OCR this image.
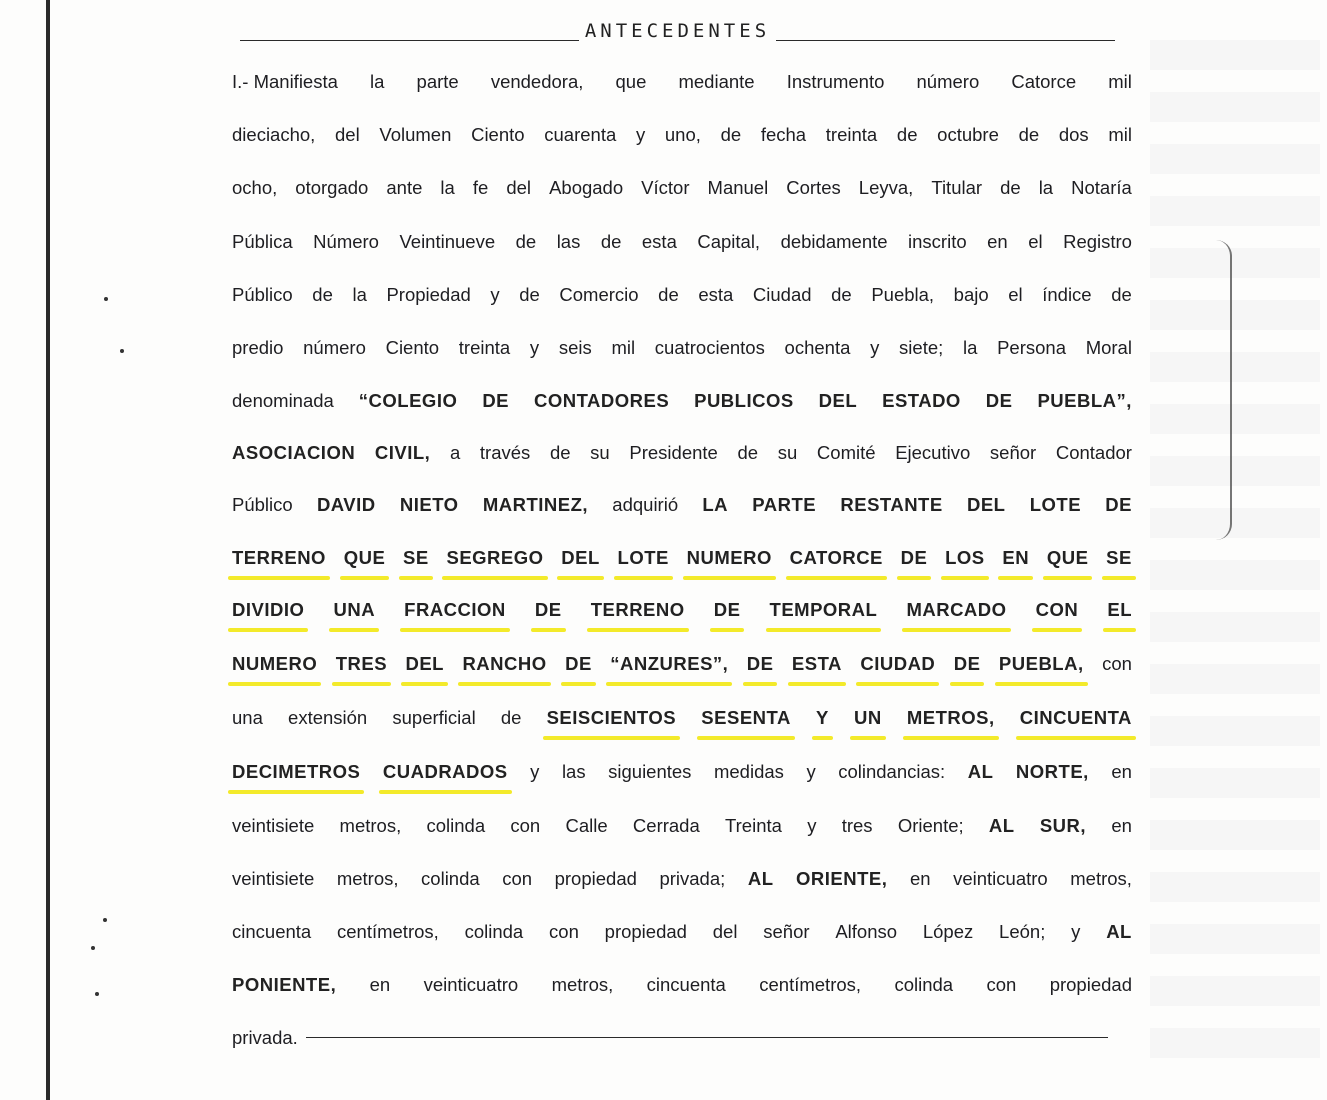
ANTECEDENTES
I.- Manifiesta la parte vendedora, que mediante Instrumento número Catorce mil
dieciacho, del Volumen Ciento cuarenta y uno, de fecha treinta de octubre de dos mil
ocho, otorgado ante la fe del Abogado Víctor Manuel Cortes Leyva, Titular de la Notaría
Pública Número Veintinueve de las de esta Capital, debidamente inscrito en el Registro
Público de la Propiedad y de Comercio de esta Ciudad de Puebla, bajo el índice de
predio número Ciento treinta y seis mil cuatrocientos ochenta y siete; la Persona Moral
denominada “COLEGIO DE CONTADORES PUBLICOS DEL ESTADO DE PUEBLA”,
ASOCIACION CIVIL, a través de su Presidente de su Comité Ejecutivo señor Contador
Público DAVID NIETO MARTINEZ, adquirió LA PARTE RESTANTE DEL LOTE DE
TERRENO QUE SE SEGREGO DEL LOTE NUMERO CATORCE DE LOS EN QUE SE
DIVIDIO UNA FRACCION DE TERRENO DE TEMPORAL MARCADO CON EL
NUMERO TRES DEL RANCHO DE “ANZURES”, DE ESTA CIUDAD DE PUEBLA, con
una extensión superficial de SEISCIENTOS SESENTA Y UN METROS, CINCUENTA
DECIMETROS CUADRADOS y las siguientes medidas y colindancias: AL NORTE, en
veintisiete metros, colinda con Calle Cerrada Treinta y tres Oriente; AL SUR, en
veintisiete metros, colinda con propiedad privada; AL ORIENTE, en veinticuatro metros,
cincuenta centímetros, colinda con propiedad del señor Alfonso López León; y AL
PONIENTE, en veinticuatro metros, cincuenta centímetros, colinda con propiedad
privada.
